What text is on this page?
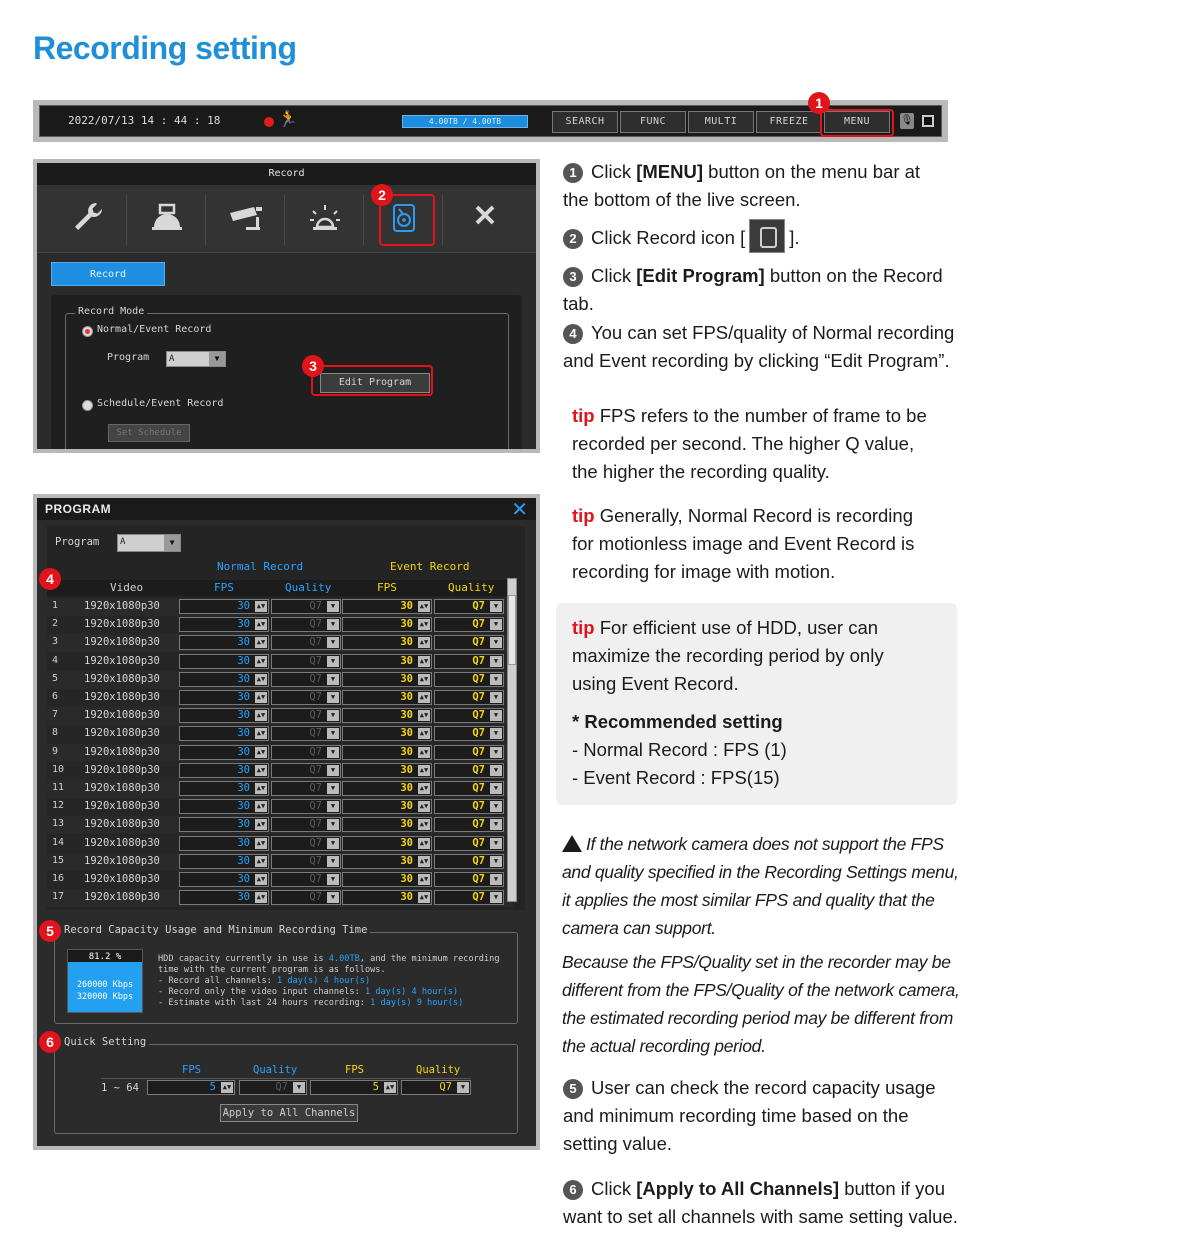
Recording setting
2022/07/13 14 : 44 : 18	🏃	4.00TB / 4.00TB	SEARCH	FUNC	MULTI	FREEZE	MENU	🎙
1
Record
Record
Record Mode
Normal/Event Record
Program	A	▼
Edit Program
Schedule/Event Record
Set Schedule
2
3
PROGRAM	✕
Program	A	▼
Normal Record	Event Record
Video	FPS	Quality	FPS	Quality
1 1920x1080p30	30 ▲▼	Q7	▼	30 ▲▼	Q7	▼
2 1920x1080p30	30 ▲▼	Q7	▼	30 ▲▼	Q7	▼
3 1920x1080p30	30 ▲▼	Q7	▼	30 ▲▼	Q7	▼
4 1920x1080p30	30 ▲▼	Q7	▼	30 ▲▼	Q7	▼
5 1920x1080p30	30 ▲▼	Q7	▼	30 ▲▼	Q7	▼
6 1920x1080p30	30 ▲▼	Q7	▼	30 ▲▼	Q7	▼
7 1920x1080p30	30 ▲▼	Q7	▼	30 ▲▼	Q7	▼
8 1920x1080p30	30 ▲▼	Q7	▼	30 ▲▼	Q7	▼
9 1920x1080p30	30 ▲▼	Q7	▼	30 ▲▼	Q7	▼
10 1920x1080p30	30 ▲▼	Q7	▼	30 ▲▼	Q7	▼
11 1920x1080p30	30 ▲▼	Q7	▼	30 ▲▼	Q7	▼
12 1920x1080p30	30 ▲▼	Q7	▼	30 ▲▼	Q7	▼
13 1920x1080p30	30 ▲▼	Q7	▼	30 ▲▼	Q7	▼
14 1920x1080p30	30 ▲▼	Q7	▼	30 ▲▼	Q7	▼
15 1920x1080p30	30 ▲▼	Q7	▼	30 ▲▼	Q7	▼
16 1920x1080p30	30 ▲▼	Q7	▼	30 ▲▼	Q7	▼
17 1920x1080p30	30 ▲▼	Q7	▼	30 ▲▼	Q7	▼
Record Capacity Usage and Minimum Recording Time
81.2 %
260000 Kbps
320000 Kbps
HDD capacity currently in use is 4.00TB, and the minimum recording
time with the current program is as follows.
- Record all channels: 1 day(s) 4 hour(s)
- Record only the video input channels: 1 day(s) 4 hour(s)
- Estimate with last 24 hours recording: 1 day(s) 9 hour(s)
Quick Setting
FPS	Quality	FPS	Quality
1 ~ 64	5 ▲▼	Q7	▼	5 ▲▼	Q7	▼
Apply to All Channels
4
5
6
1 Click [MENU] button on the menu bar at
the bottom of the live screen.
2 Click Record icon [ ].
3 Click [Edit Program] button on the Record
tab.
4 You can set FPS/quality of Normal recording
and Event recording by clicking “Edit Program”.
tip FPS refers to the number of frame to be
recorded per second. The higher Q value,
the higher the recording quality.
tip Generally, Normal Record is recording
for motionless image and Event Record is
recording for image with motion.
tip For efficient use of HDD, user can
maximize the recording period by only
using Event Record.
* Recommended setting
- Normal Record : FPS (1)
- Event Record : FPS(15)
If the network camera does not support the FPS
and quality specified in the Recording Settings menu,
it applies the most similar FPS and quality that the
camera can support.
Because the FPS/Quality set in the recorder may be
different from the FPS/Quality of the network camera,
the estimated recording period may be different from
the actual recording period.
5 User can check the record capacity usage
and minimum recording time based on the
setting value.
6 Click [Apply to All Channels] button if you
want to set all channels with same setting value.
